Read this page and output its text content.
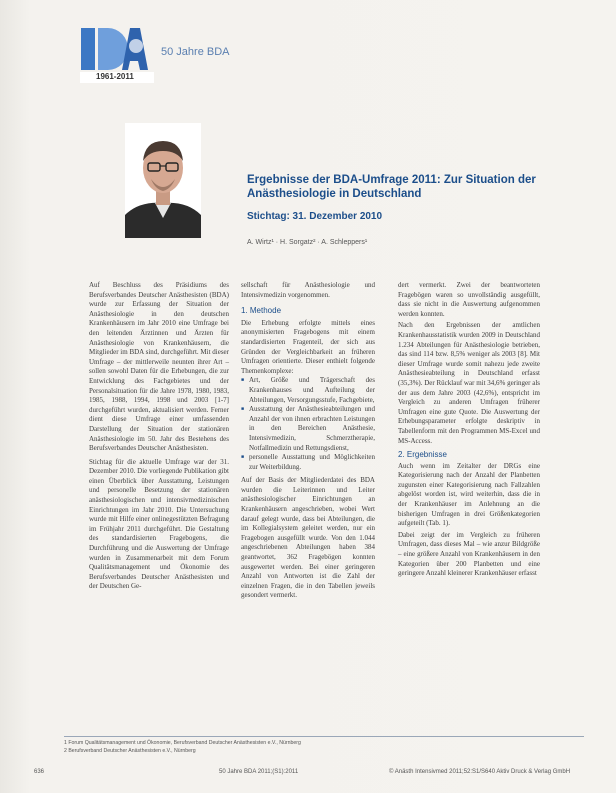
1961-2011
50 Jahre BDA
Ergebnisse der BDA-Umfrage 2011: Zur Situation der Anästhesiologie in Deutschland
Stichtag: 31. Dezember 2010
A. Wirtz¹ · H. Sorgatz² · A. Schleppers¹

Auf Beschluss des Präsidiums des Berufsverbandes Deutscher Anästhesisten (BDA) wurde zur Erfassung der Situation der Anästhesiologie in den deutschen Krankenhäusern im Jahr 2010 eine Umfrage bei den leitenden Ärztinnen und Ärzten für Anästhesiologie von Krankenhäusern, die Mitglieder im BDA sind, durchgeführt. Mit dieser Umfrage – der mittlerweile neunten ihrer Art – sollen sowohl Daten für die Erhebungen, die zur Entwicklung des Fachgebietes und der Personalsituation für die Jahre 1978, 1980, 1983, 1985, 1988, 1994, 1998 und 2003 [1-7] durchgeführt wurden, aktualisiert werden. Ferner dient diese Umfrage einer umfassenden Darstellung der Situation der stationären Anästhesiologie im 50. Jahr des Bestehens des Berufsverbandes Deutscher Anästhesisten.

Stichtag für die aktuelle Umfrage war der 31. Dezember 2010. Die vorliegende Publikation gibt einen Überblick über Ausstattung, Leistungen und personelle Besetzung der stationären anästhesiologischen und intensivmedizinischen Einrichtungen im Jahr 2010. Die Untersuchung wurde mit Hilfe einer onlinegestützten Befragung im Frühjahr 2011 durchgeführt. Die Gestaltung des standardisierten Fragebogens, die Durchführung und die Auswertung der Umfrage wurden in Zusammenarbeit mit dem Forum Qualitätsmanagement und Ökonomie des Berufsverbandes Deutscher Anästhesisten und der Deutschen Ge-

sellschaft für Anästhesiologie und Intensivmedizin vorgenommen.

1. Methode

Die Erhebung erfolgte mittels eines anonymisierten Fragebogens mit einem standardisierten Fragenteil, der sich aus Gründen der Vergleichbarkeit an früheren Umfragen orientierte. Dieser enthielt folgende Themenkomplexe:

■ Art, Größe und Trägerschaft des Krankenhauses und Aufteilung der Abteilungen, Versorgungsstufe, Fachgebiete,
■ Ausstattung der Anästhesieabteilungen und Anzahl der von ihnen erbrachten Leistungen in den Bereichen Anästhesie, Intensivmedizin, Schmerztherapie, Notfallmedizin und Rettungsdienst,
■ personelle Ausstattung und Möglichkeiten zur Weiterbildung.

Auf der Basis der Mitgliederdatei des BDA wurden die Leiterinnen und Leiter anästhesiologischer Einrichtungen an Krankenhäusern angeschrieben, wobei Wert darauf gelegt wurde, dass bei Abteilungen, die im Kollegialsystem geleitet werden, nur ein Fragebogen ausgefüllt wurde. Von den 1.044 angeschriebenen Abteilungen haben 384 geantwortet, 362 Fragebögen konnten ausgewertet werden. Bei einer geringeren Anzahl von Antworten ist die Zahl der einzelnen Fragen, die in den Tabellen jeweils gesondert vermerkt.

dert vermerkt. Zwei der beantworteten Fragebögen waren so unvollständig ausgefüllt, dass sie nicht in die Auswertung aufgenommen werden konnten.

Nach den Ergebnissen der amtlichen Krankenhausstatistik wurden 2009 in Deutschland 1.234 Abteilungen für Anästhesiologie betrieben, das sind 114 bzw. 8,5% weniger als 2003 [8]. Mit dieser Umfrage wurde somit nahezu jede zweite Anästhesieabteilung in Deutschland erfasst (35,3%). Der Rücklauf war mit 34,6% geringer als der aus dem Jahre 2003 (42,6%), entspricht im Vergleich zu anderen Umfragen früherer Umfragen eine gute Quote. Die Auswertung der Erhebungsparameter erfolgte deskriptiv in Tabellenform mit den Programmen MS-Excel und MS-Access.

2. Ergebnisse

Auch wenn im Zeitalter der DRGs eine Kategorisierung nach der Anzahl der Planbetten zugunsten einer Kategorisierung nach Fallzahlen abgelöst worden ist, wird weiterhin, dass die in der Krankenhäuser im Anlehnung an die bisherigen Umfragen in drei Größenkategorien aufgeteilt (Tab. 1).

Dabei zeigt der im Vergleich zu früheren Umfragen, dass dieses Mal – wie anzur Bildgröße – eine größere Anzahl von Krankenhäusern in den Kategorien über 200 Planbetten und eine geringere Anzahl kleinerer Krankenhäuser erfasst

1 Forum Qualitätsmanagement und Ökonomie, Berufsverband Deutscher Anästhesisten e.V., Nürnberg
2 Berufsverband Deutscher Anästhesisten e.V., Nürnberg
636	50 Jahre BDA 2011;(S1):2011	© Anästh Intensivmed 2011;52:S1/S640 Aktiv Druck & Verlag GmbH
